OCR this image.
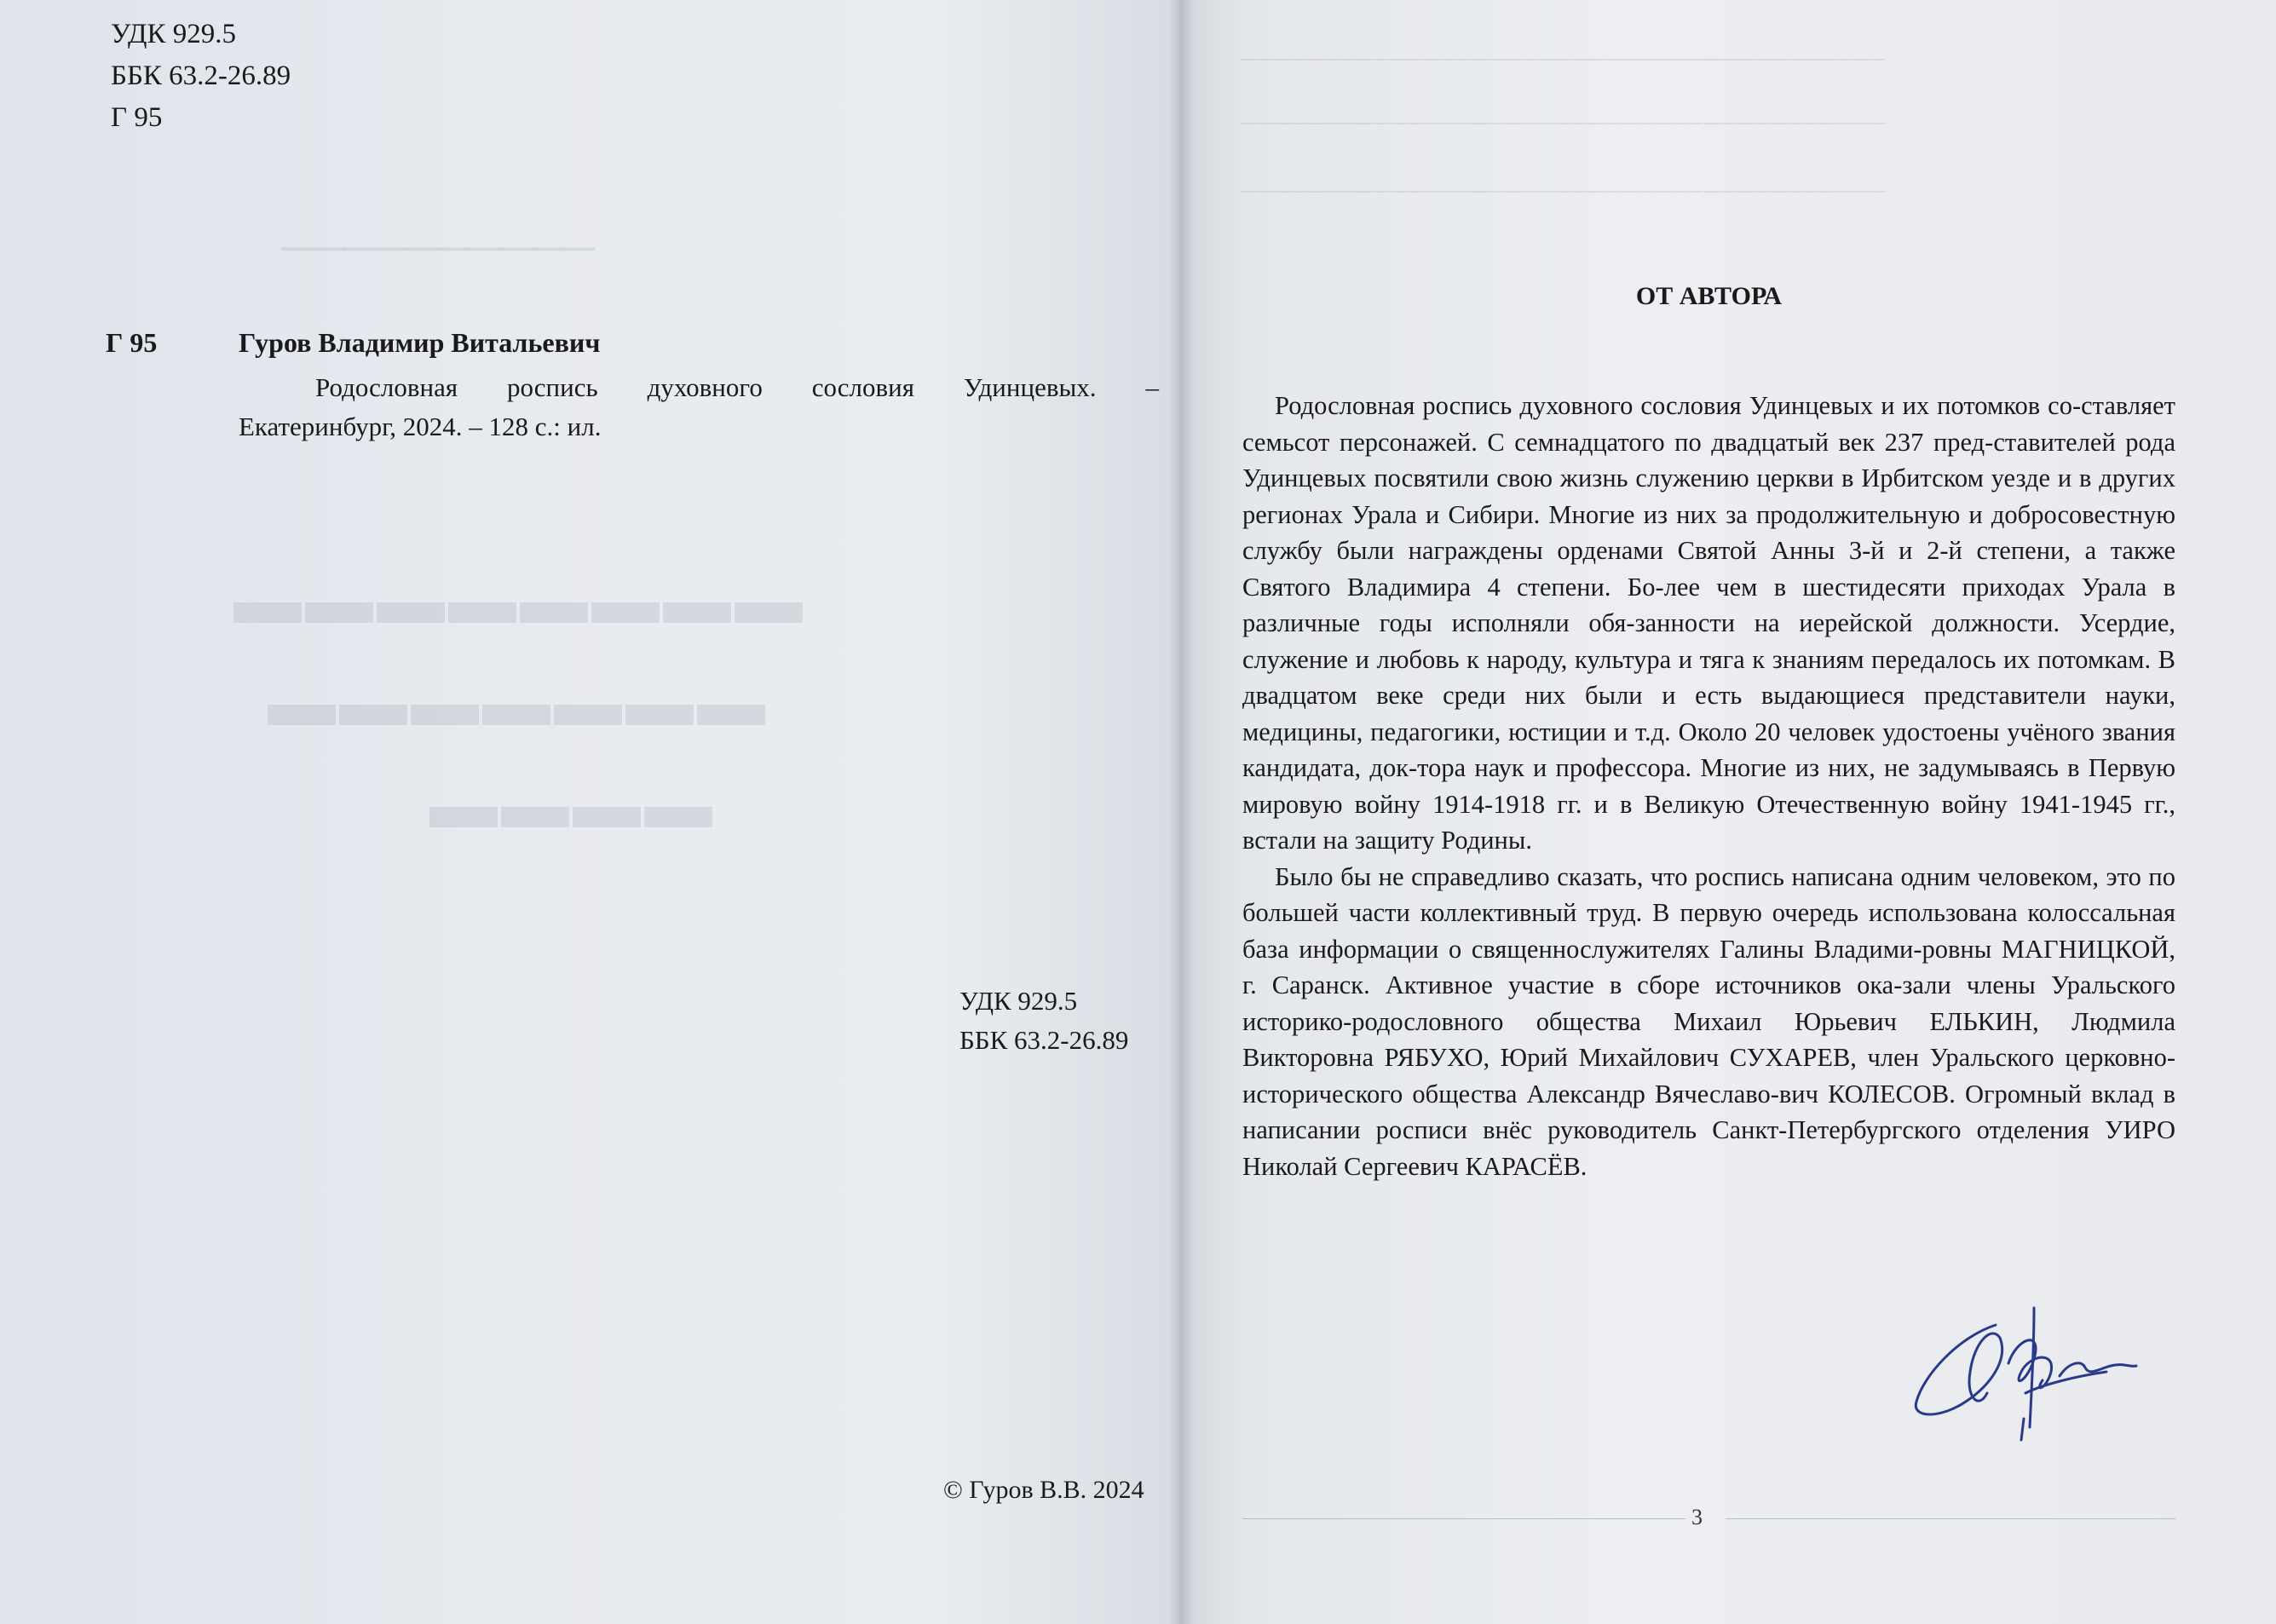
──────────
▬▬▬▬▬▬▬▬
▬▬▬▬▬▬▬
▬▬▬▬
УДК 929.5
ББК 63.2-26.89
Г 95
Г 95	Гуров Владимир Витальевич
Родословная роспись духовного сословия Удинцевых. –
Екатеринбург, 2024. – 128 с.: ил.
УДК 929.5
ББК 63.2-26.89
© Гуров В.В. 2024
───────────────────────────────────────
───────────────────────────────────────
───────────────────────────────────────
ОТ АВТОРА

Родословная роспись духовного сословия Удинцевых и их потомков со-ставляет семьсот персонажей. С семнадцатого по двадцатый век 237 пред-ставителей рода Удинцевых посвятили свою жизнь служению церкви в Ирбитском уезде и в других регионах Урала и Сибири. Многие из них за продолжительную и добросовестную службу были награждены орденами Святой Анны 3-й и 2-й степени, а также Святого Владимира 4 степени. Бо-лее чем в шестидесяти приходах Урала в различные годы исполняли обя-занности на иерейской должности. Усердие, служение и любовь к народу, культура и тяга к знаниям передалось их потомкам. В двадцатом веке среди них были и есть выдающиеся представители науки, медицины, педагогики, юстиции и т.д. Около 20 человек удостоены учёного звания кандидата, док-тора наук и профессора. Многие из них, не задумываясь в Первую мировую войну 1914-1918 гг. и в Великую Отечественную войну 1941-1945 гг., встали на защиту Родины.

Было бы не справедливо сказать, что роспись написана одним человеком, это по большей части коллективный труд. В первую очередь использована колоссальная база информации о священнослужителях Галины Владими-ровны МАГНИЦКОЙ, г. Саранск. Активное участие в сборе источников ока-зали члены Уральского историко-родословного общества Михаил Юрьевич ЕЛЬКИН, Людмила Викторовна РЯБУХО, Юрий Михайлович СУХАРЕВ, член Уральского церковно-исторического общества Александр Вячеславо-вич КОЛЕСОВ. Огромный вклад в написании росписи внёс руководитель Санкт-Петербургского отделения УИРО Николай Сергеевич КАРАСЁВ.

3
